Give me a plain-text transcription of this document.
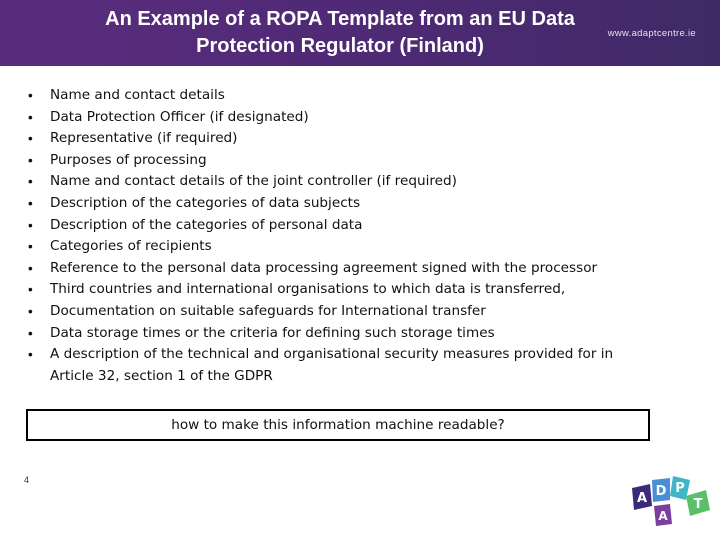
An Example of a ROPA Template from an EU Data
Protection Regulator (Finland)
www.adaptcentre.ie
•	Name and contact details
•	Data Protection Officer (if designated)
•	Representative (if required)
•	Purposes of processing
•	Name and contact details of the joint controller (if required)
•	Description of the categories of data subjects
•	Description of the categories of personal data
•	Categories of recipients
•	Reference to the personal data processing agreement signed with the processor
•	Third countries and international organisations to which data is transferred,
•	Documentation on suitable safeguards for International transfer
•	Data storage times or the criteria for defining such storage times
•	A description of the technical and organisational security measures provided for in Article 32, section 1 of the GDPR
how to make this information machine readable?
4
A D
A
P
T
